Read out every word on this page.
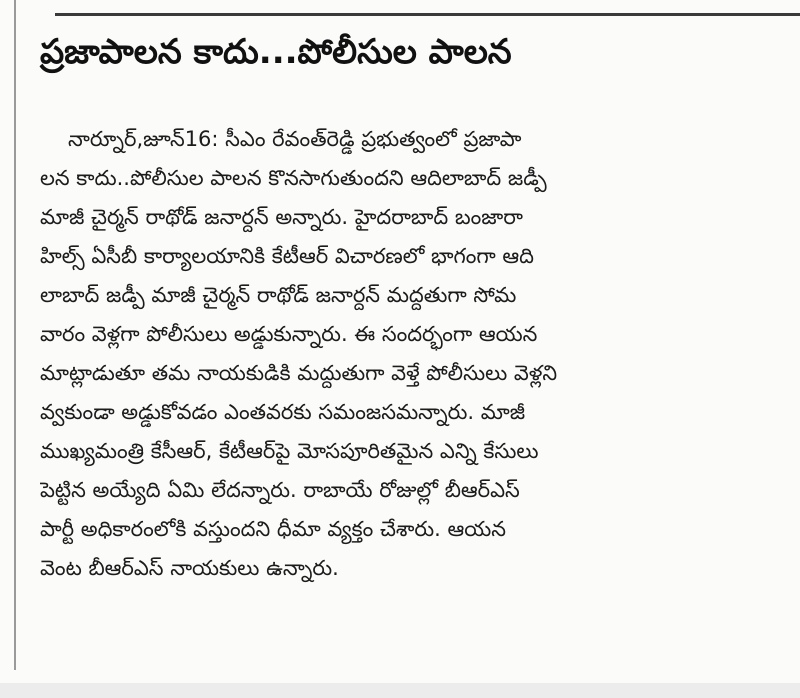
ప్రజాపాలన కాదు...పోలీసుల పాలన
నార్నూర్,జూన్16: సీఎం రేవంత్‌రెడ్డి ప్రభుత్వంలో ప్రజాపా
లన కాదు..పోలీసుల పాలన కొనసాగుతుందని ఆదిలాబాద్ జడ్పీ
మాజీ చైర్మన్ రాథోడ్ జనార్దన్ అన్నారు. హైదరాబాద్ బంజారా
హిల్స్ ఏసీబీ కార్యాలయానికి కేటీఆర్ విచారణలో భాగంగా ఆది
లాబాద్ జడ్పీ మాజీ చైర్మన్ రాథోడ్ జనార్దన్ మద్దతుగా సోమ
వారం వెళ్లగా పోలీసులు అడ్డుకున్నారు. ఈ సందర్భంగా ఆయన
మాట్లాడుతూ తమ నాయకుడికి మద్దుతుగా వెళ్తే పోలీసులు వెళ్లని
వ్వకుండా అడ్డుకోవడం ఎంతవరకు సమంజసమన్నారు. మాజీ
ముఖ్యమంత్రి కేసీఆర్, కేటీఆర్‌పై మోసపూరితమైన ఎన్ని కేసులు
పెట్టిన అయ్యేది ఏమి లేదన్నారు. రాబాయే రోజుల్లో బీఆర్ఎస్
పార్టీ అధికారంలోకి వస్తుందని ధీమా వ్యక్తం చేశారు. ఆయన
వెంట బీఆర్ఎస్ నాయకులు ఉన్నారు.
